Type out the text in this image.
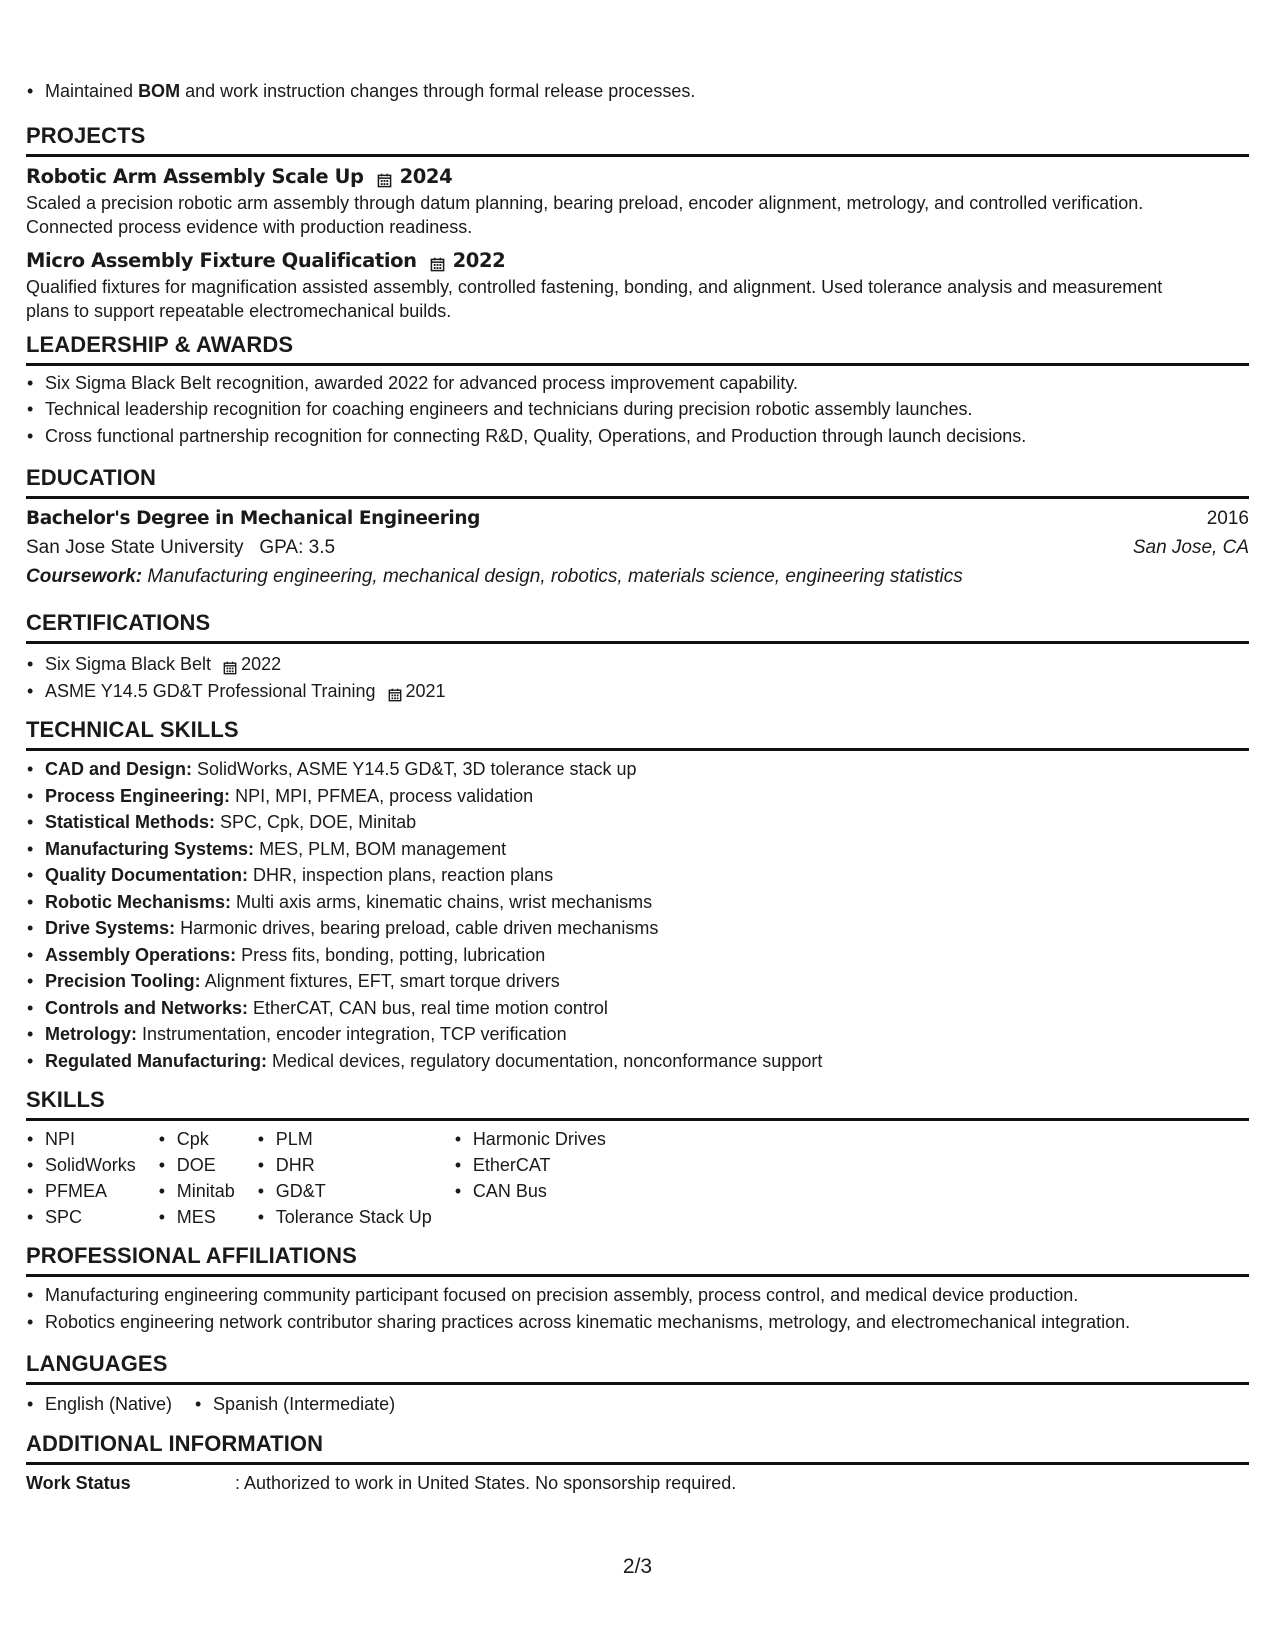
• Maintained BOM and work instruction changes through formal release processes.
PROJECTS
Robotic Arm Assembly Scale Up 2024
Scaled a precision robotic arm assembly through datum planning, bearing preload, encoder alignment, metrology, and controlled verification. Connected process evidence with production readiness.
Micro Assembly Fixture Qualification 2022
Qualified fixtures for magnification assisted assembly, controlled fastening, bonding, and alignment. Used tolerance analysis and measurement plans to support repeatable electromechanical builds.
LEADERSHIP & AWARDS
• Six Sigma Black Belt recognition, awarded 2022 for advanced process improvement capability.
• Technical leadership recognition for coaching engineers and technicians during precision robotic assembly launches.
• Cross functional partnership recognition for connecting R&D, Quality, Operations, and Production through launch decisions.
EDUCATION
Bachelor's Degree in Mechanical Engineering	2016
San Jose State University GPA: 3.5	San Jose, CA
Coursework: Manufacturing engineering, mechanical design, robotics, materials science, engineering statistics
CERTIFICATIONS
• Six Sigma Black Belt 2022
• ASME Y14.5 GD&T Professional Training 2021
TECHNICAL SKILLS
• CAD and Design: SolidWorks, ASME Y14.5 GD&T, 3D tolerance stack up
• Process Engineering: NPI, MPI, PFMEA, process validation
• Statistical Methods: SPC, Cpk, DOE, Minitab
• Manufacturing Systems: MES, PLM, BOM management
• Quality Documentation: DHR, inspection plans, reaction plans
• Robotic Mechanisms: Multi axis arms, kinematic chains, wrist mechanisms
• Drive Systems: Harmonic drives, bearing preload, cable driven mechanisms
• Assembly Operations: Press fits, bonding, potting, lubrication
• Precision Tooling: Alignment fixtures, EFT, smart torque drivers
• Controls and Networks: EtherCAT, CAN bus, real time motion control
• Metrology: Instrumentation, encoder integration, TCP verification
• Regulated Manufacturing: Medical devices, regulatory documentation, nonconformance support
SKILLS
• NPI
• SolidWorks
• PFMEA
• SPC
• Cpk
• DOE
• Minitab
• MES
• PLM
• DHR
• GD&T
• Tolerance Stack Up
• Harmonic Drives
• EtherCAT
• CAN Bus
PROFESSIONAL AFFILIATIONS
• Manufacturing engineering community participant focused on precision assembly, process control, and medical device production.
• Robotics engineering network contributor sharing practices across kinematic mechanisms, metrology, and electromechanical integration.
LANGUAGES
• English (Native)
•	Spanish (Intermediate)
ADDITIONAL INFORMATION
Work Status	: Authorized to work in United States. No sponsorship required.
2/3
